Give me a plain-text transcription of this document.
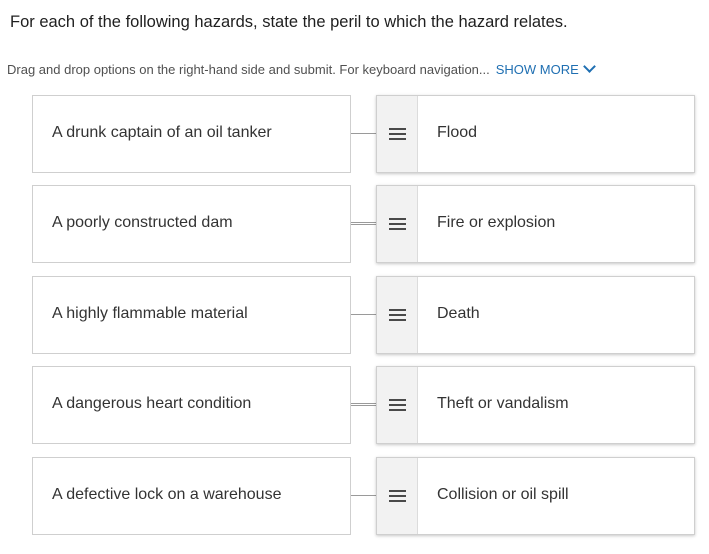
For each of the following hazards, state the peril to which the hazard relates.
Drag and drop options on the right-hand side and submit. For keyboard navigation... SHOW MORE
A drunk captain of an oil tanker	Flood
A poorly constructed dam	Fire or explosion
A highly flammable material	Death
A dangerous heart condition	Theft or vandalism
A defective lock on a warehouse	Collision or oil spill
